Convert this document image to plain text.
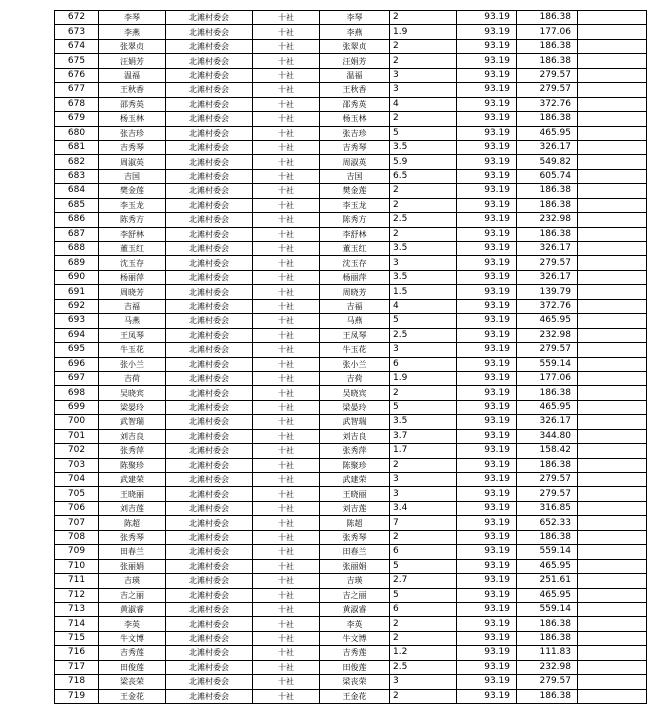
672	李琴	北滩村委会	十社	李琴	2	93.19	186.38	
673	李燕	北滩村委会	十社	李燕	1.9	93.19	177.06	
674	张翠贞	北滩村委会	十社	张翠贞	2	93.19	186.38	
675	汪娟芳	北滩村委会	十社	汪娟芳	2	93.19	186.38	
676	温福	北滩村委会	十社	温福	3	93.19	279.57	
677	王秋香	北滩村委会	十社	王秋香	3	93.19	279.57	
678	邵秀英	北滩村委会	十社	邵秀英	4	93.19	372.76	
679	杨玉林	北滩村委会	十社	杨玉林	2	93.19	186.38	
680	张吉珍	北滩村委会	十社	张吉珍	5	93.19	465.95	
681	吉秀琴	北滩村委会	十社	吉秀琴	3.5	93.19	326.17	
682	周淑英	北滩村委会	十社	周淑英	5.9	93.19	549.82	
683	吉国	北滩村委会	十社	吉国	6.5	93.19	605.74	
684	樊金莲	北滩村委会	十社	樊金莲	2	93.19	186.38	
685	李玉龙	北滩村委会	十社	李玉龙	2	93.19	186.38	
686	陈秀方	北滩村委会	十社	陈秀方	2.5	93.19	232.98	
687	李舒林	北滩村委会	十社	李舒林	2	93.19	186.38	
688	董玉红	北滩村委会	十社	董玉红	3.5	93.19	326.17	
689	沈玉存	北滩村委会	十社	沈玉存	3	93.19	279.57	
690	杨丽萍	北滩村委会	十社	杨丽萍	3.5	93.19	326.17	
691	周晓芳	北滩村委会	十社	周晓芳	1.5	93.19	139.79	
692	吉福	北滩村委会	十社	吉福	4	93.19	372.76	
693	马燕	北滩村委会	十社	马燕	5	93.19	465.95	
694	王凤琴	北滩村委会	十社	王凤琴	2.5	93.19	232.98	
695	牛玉花	北滩村委会	十社	牛玉花	3	93.19	279.57	
696	张小兰	北滩村委会	十社	张小兰	6	93.19	559.14	
697	吉荷	北滩村委会	十社	吉荷	1.9	93.19	177.06	
698	吴晓宾	北滩村委会	十社	吴晓宾	2	93.19	186.38	
699	梁晏玲	北滩村委会	十社	梁晏玲	5	93.19	465.95	
700	武智瑞	北滩村委会	十社	武智瑞	3.5	93.19	326.17	
701	刘吉良	北滩村委会	十社	刘吉良	3.7	93.19	344.80	
702	张秀萍	北滩村委会	十社	张秀萍	1.7	93.19	158.42	
703	陈聚珍	北滩村委会	十社	陈聚珍	2	93.19	186.38	
704	武建荣	北滩村委会	十社	武建荣	3	93.19	279.57	
705	王晓丽	北滩村委会	十社	王晓丽	3	93.19	279.57	
706	刘吉莲	北滩村委会	十社	刘吉莲	3.4	93.19	316.85	
707	陈超	北滩村委会	十社	陈超	7	93.19	652.33	
708	张秀琴	北滩村委会	十社	张秀琴	2	93.19	186.38	
709	田春兰	北滩村委会	十社	田春兰	6	93.19	559.14	
710	张丽娟	北滩村委会	十社	张丽娟	5	93.19	465.95	
711	吉瑛	北滩村委会	十社	吉瑛	2.7	93.19	251.61	
712	吉之丽	北滩村委会	十社	吉之丽	5	93.19	465.95	
713	黄淑睿	北滩村委会	十社	黄淑睿	6	93.19	559.14	
714	李英	北滩村委会	十社	李英	2	93.19	186.38	
715	牛文博	北滩村委会	十社	牛文博	2	93.19	186.38	
716	吉秀莲	北滩村委会	十社	吉秀莲	1.2	93.19	111.83	
717	田俊莲	北滩村委会	十社	田俊莲	2.5	93.19	232.98	
718	梁丧荣	北滩村委会	十社	梁丧荣	3	93.19	279.57	
719	王金花	北滩村委会	十社	王金花	2	93.19	186.38	
